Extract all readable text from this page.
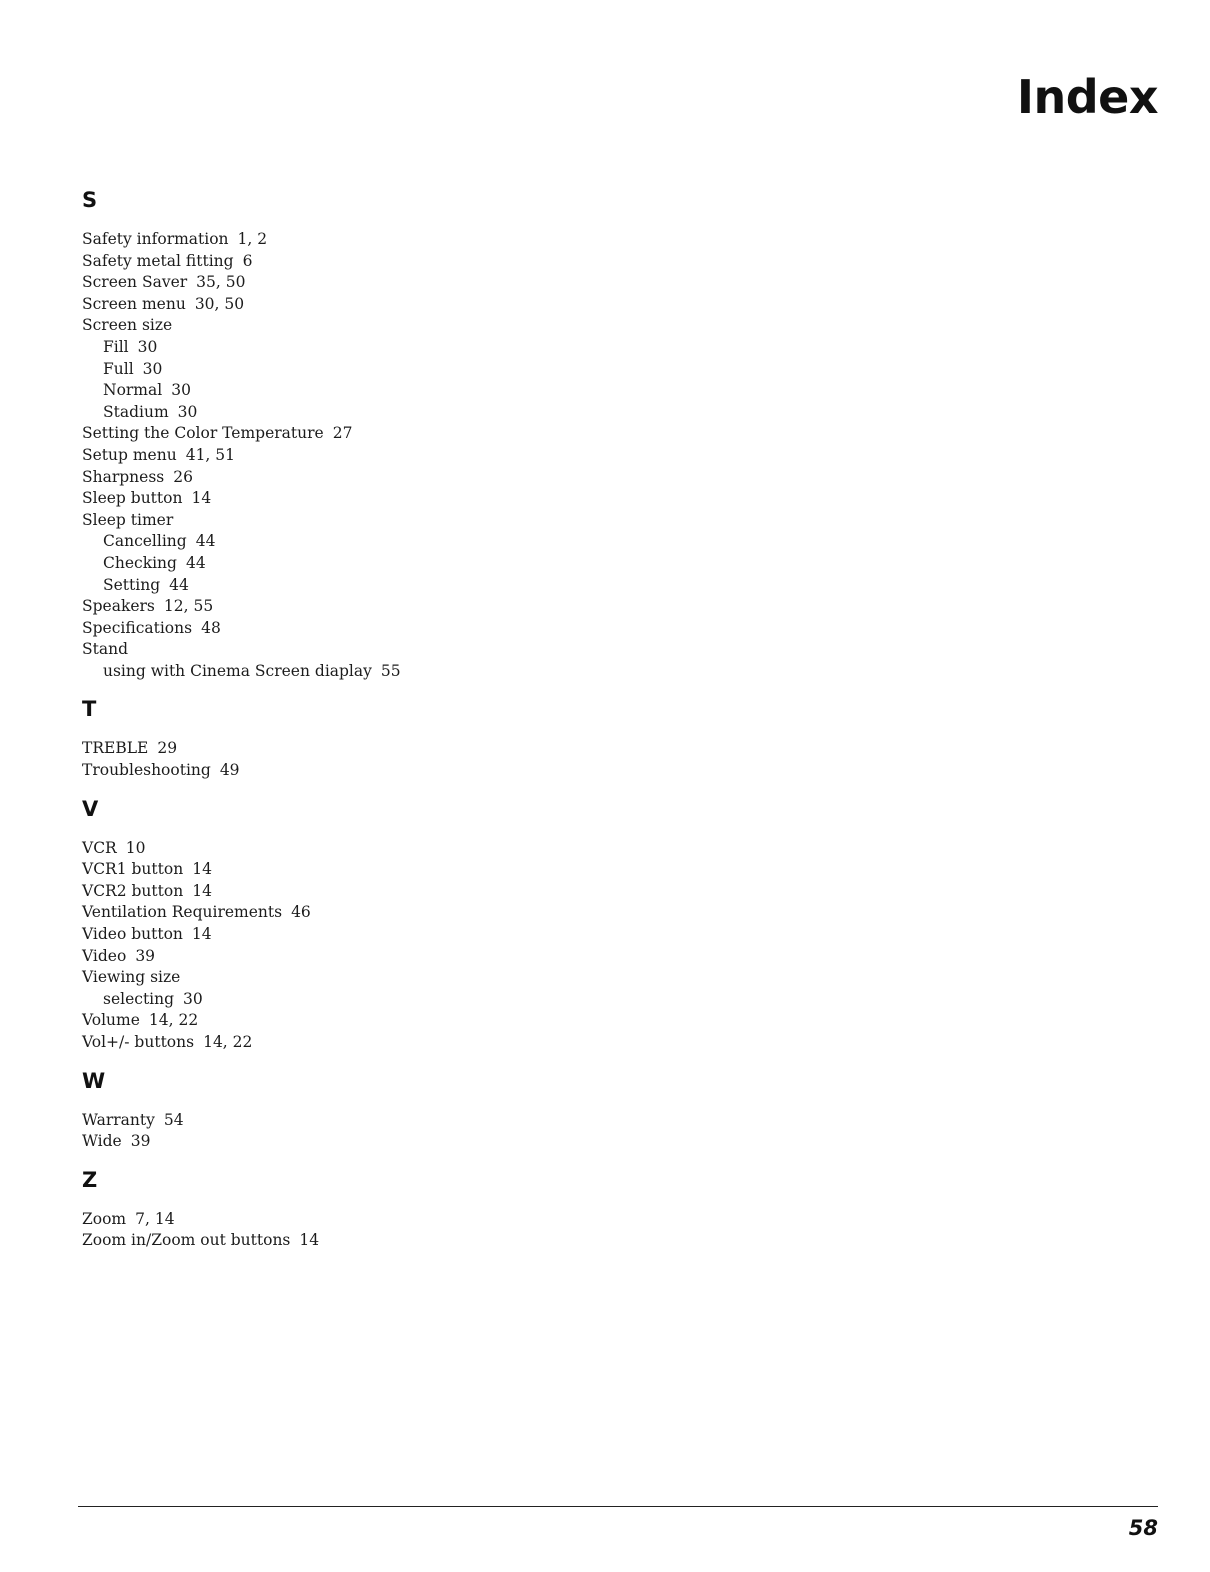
Index
S
Safety information 1, 2
Safety metal fitting 6
Screen Saver 35, 50
Screen menu 30, 50
Screen size
Fill 30
Full 30
Normal 30
Stadium 30
Setting the Color Temperature 27
Setup menu 41, 51
Sharpness 26
Sleep button 14
Sleep timer
Cancelling 44
Checking 44
Setting 44
Speakers 12, 55
Specifications 48
Stand
using with Cinema Screen diaplay 55
T
TREBLE 29
Troubleshooting 49
V
VCR 10
VCR1 button 14
VCR2 button 14
Ventilation Requirements 46
Video button 14
Video 39
Viewing size
selecting 30
Volume 14, 22
Vol+/- buttons 14, 22
W
Warranty 54
Wide 39
Z
Zoom 7, 14
Zoom in/Zoom out buttons 14
58
